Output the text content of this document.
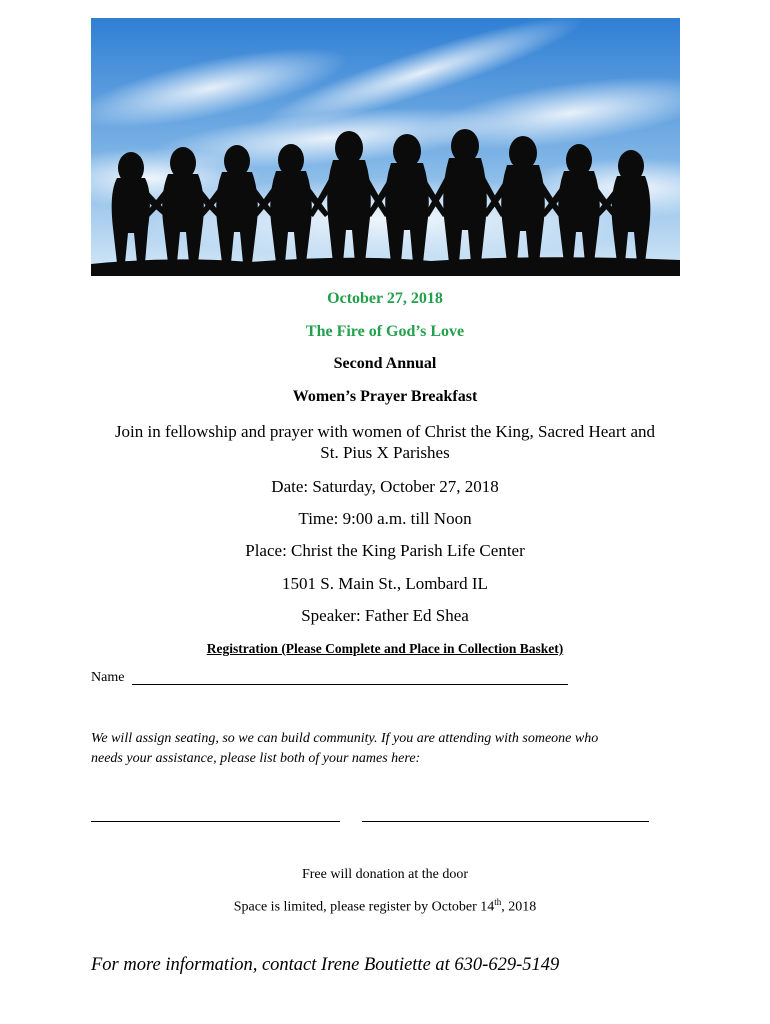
October 27, 2018
The Fire of God’s Love
Second Annual
Women’s Prayer Breakfast
Join in fellowship and prayer with women of Christ the King, Sacred Heart and
St. Pius X Parishes
Date: Saturday, October 27, 2018
Time: 9:00 a.m. till Noon
Place: Christ the King Parish Life Center
1501 S. Main St., Lombard IL
Speaker: Father Ed Shea
Registration (Please Complete and Place in Collection Basket)
Name
We will assign seating, so we can build community. If you are attending with someone who
needs your assistance, please list both of your names here:
Free will donation at the door
Space is limited, please register by October 14th, 2018
For more information, contact Irene Boutiette at 630-629-5149
